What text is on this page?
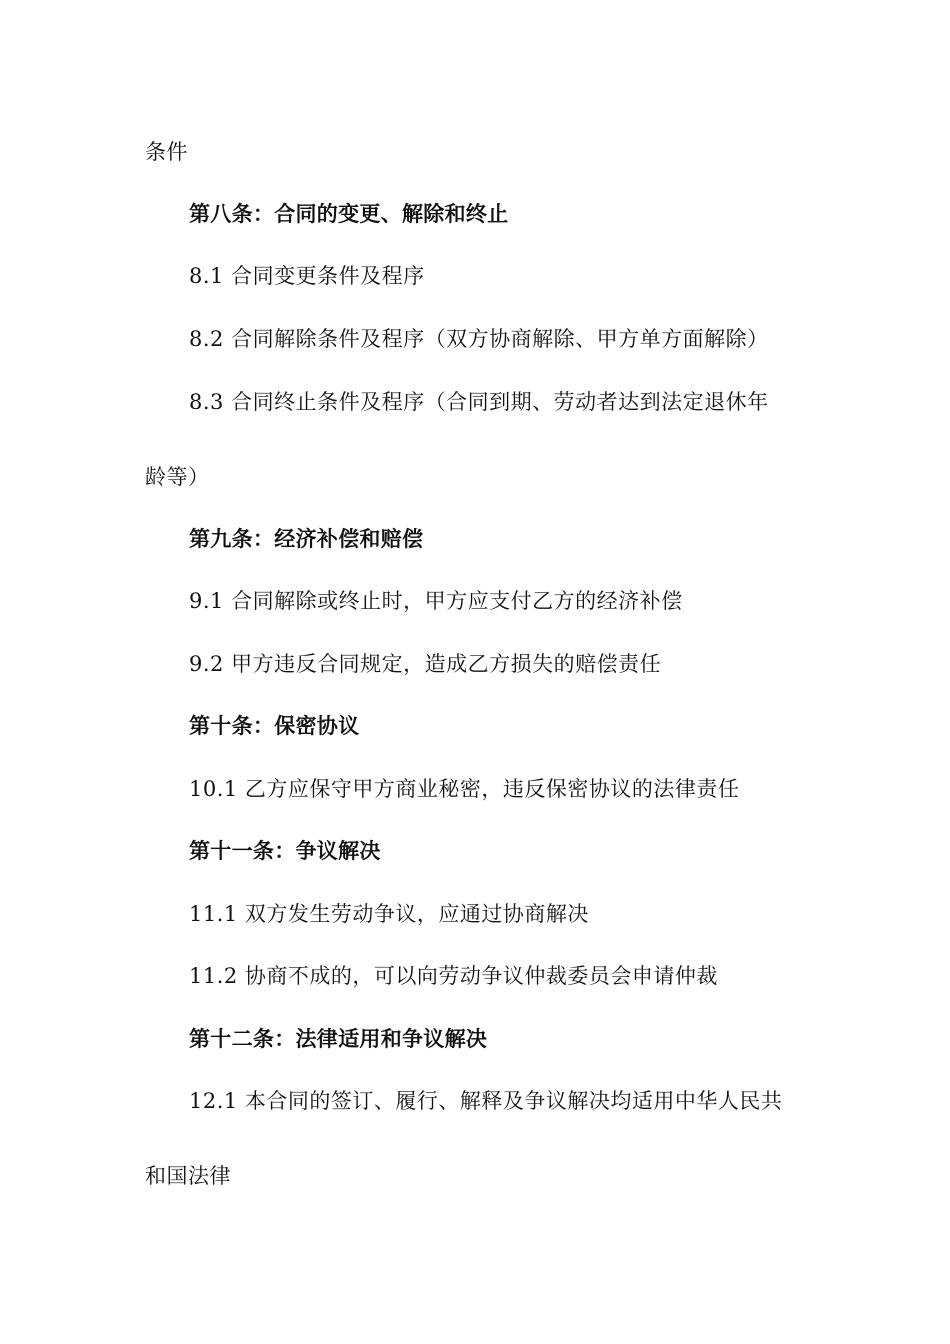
条件
第八条：合同的变更、解除和终止
8.1 合同变更条件及程序
8.2 合同解除条件及程序（双方协商解除、甲方单方面解除）
8.3 合同终止条件及程序（合同到期、劳动者达到法定退休年
龄等）
第九条：经济补偿和赔偿
9.1 合同解除或终止时，甲方应支付乙方的经济补偿
9.2 甲方违反合同规定，造成乙方损失的赔偿责任
第十条：保密协议
10.1 乙方应保守甲方商业秘密，违反保密协议的法律责任
第十一条：争议解决
11.1 双方发生劳动争议，应通过协商解决
11.2 协商不成的，可以向劳动争议仲裁委员会申请仲裁
第十二条：法律适用和争议解决
12.1 本合同的签订、履行、解释及争议解决均适用中华人民共
和国法律
